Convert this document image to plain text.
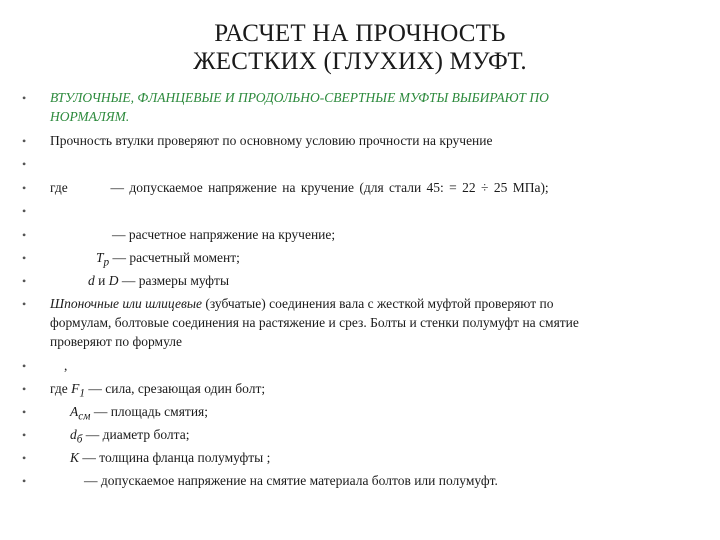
РАСЧЕТ НА ПРОЧНОСТЬ
ЖЕСТКИХ (ГЛУХИХ) МУФТ.
• ВТУЛОЧНЫЕ, ФЛАНЦЕВЫЕ И ПРОДОЛЬНО-СВЕРТНЫЕ МУФТЫ ВЫБИРАЮТ ПО
НОРМАЛЯМ.
• Прочность втулки проверяют по основному условию прочности на кручение
•
• где	— допускаемое напряжение на кручение (для стали 45: = 22 ÷ 25 МПа);
•
•	— расчетное напряжение на кручение;
•	$T_p$ — расчетный момент;
•	d и D — размеры муфты
• Шпоночные или шлицевые (зубчатые) соединения вала с жесткой муфтой проверяют по
формулам, болтовые соединения на растяжение и срез. Болты и стенки полумуфт на смятие
проверяют по формуле
•	,
• где $F_1$ — сила, срезающая один болт;
•	$A_{см}$ — площадь смятия;
•	$d_б$ — диаметр болта;
•	K — толщина фланца полумуфты ;
•	— допускаемое напряжение на смятие материала болтов или полумуфт.
